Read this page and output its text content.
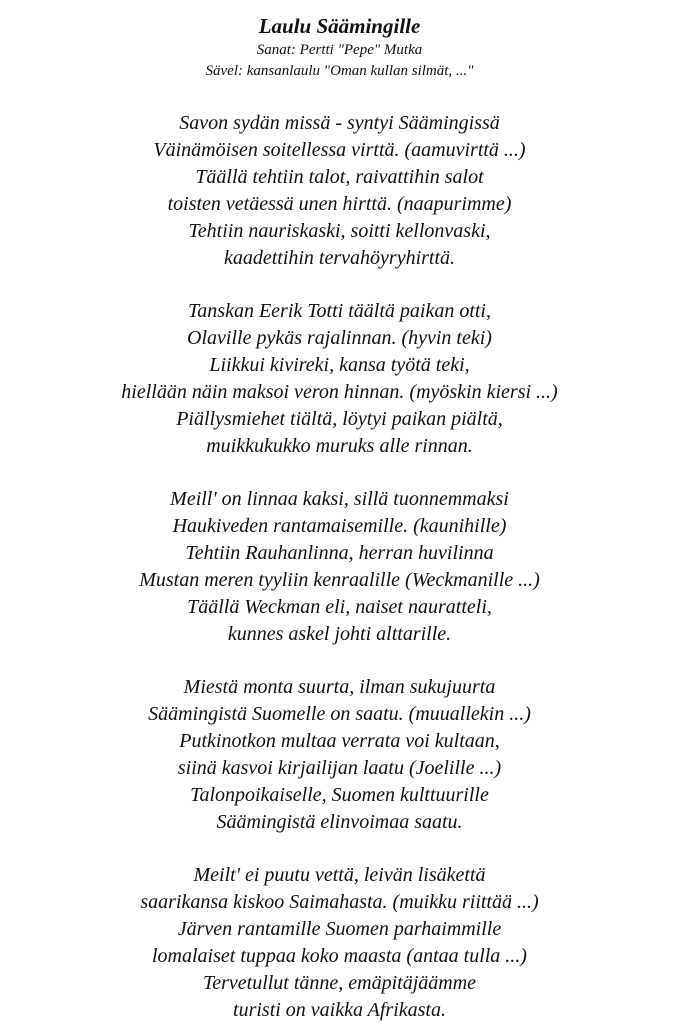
Laulu Säämingille

Sanat: Pertti "Pepe" Mutka

Sävel: kansanlaulu "Oman kullan silmät, ..."

Savon sydän missä - syntyi Säämingissä
Väinämöisen soitellessa virttä. (aamuvirttä ...)
Täällä tehtiin talot, raivattihin salot
toisten vetäessä unen hirttä. (naapurimme)
Tehtiin nauriskaski, soitti kellonvaski,
kaadettihin tervahöyryhirttä.
Tanskan Eerik Totti täältä paikan otti,
Olaville pykäs rajalinnan. (hyvin teki)
Liikkui kivireki, kansa työtä teki,
hiellään näin maksoi veron hinnan. (myöskin kiersi ...)
Piällysmiehet tiältä, löytyi paikan piältä,
muikkukukko muruks alle rinnan.
Meill' on linnaa kaksi, sillä tuonnemmaksi
Haukiveden rantamaisemille. (kaunihille)
Tehtiin Rauhanlinna, herran huvilinna
Mustan meren tyyliin kenraalille (Weckmanille ...)
Täällä Weckman eli, naiset nauratteli,
kunnes askel johti alttarille.
Miestä monta suurta, ilman sukujuurta
Säämingistä Suomelle on saatu. (muuallekin ...)
Putkinotkon multaa verrata voi kultaan,
siinä kasvoi kirjailijan laatu (Joelille ...)
Talonpoikaiselle, Suomen kulttuurille
Säämingistä elinvoimaa saatu.
Meilt' ei puutu vettä, leivän lisäkettä
saarikansa kiskoo Saimahasta. (muikku riittää ...)
Järven rantamille Suomen parhaimmille
lomalaiset tuppaa koko maasta (antaa tulla ...)
Tervetullut tänne, emäpitäjäämme
turisti on vaikka Afrikasta.
